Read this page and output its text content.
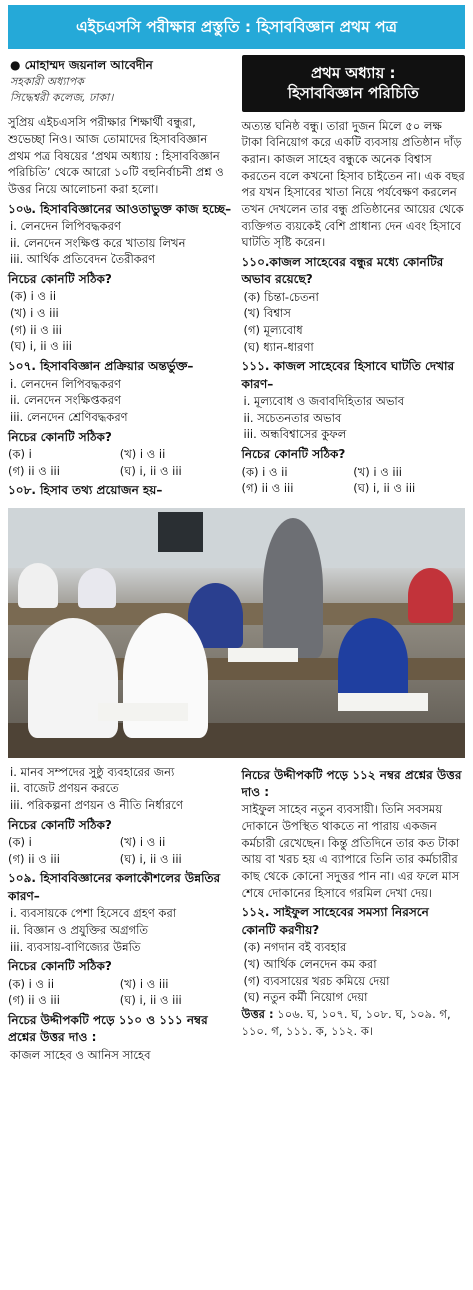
এইচএসসি পরীক্ষার প্রস্তুতি : হিসাববিজ্ঞান প্রথম পত্র
● মোহাম্মদ জয়নাল আবেদীন
সহকারী অধ্যাপক
সিদ্ধেশ্বরী কলেজ, ঢাকা।

সুপ্রিয় এইচএসসি পরীক্ষার শিক্ষার্থী বন্ধুরা, শুভেচ্ছা নিও। আজ তোমাদের হিসাববিজ্ঞান প্রথম পত্র বিষয়ের ‘প্রথম অধ্যায় : হিসাববিজ্ঞান পরিচিতি’ থেকে আরো ১০টি বহুনির্বাচনী প্রশ্ন ও উত্তর নিয়ে আলোচনা করা হলো।

১০৬. হিসাববিজ্ঞানের আওতাভুক্ত কাজ হচ্ছে–
i. লেনদেন লিপিবদ্ধকরণ
ii. লেনদেন সংক্ষিপ্ত করে খাতায় লিখন
iii. আর্থিক প্রতিবেদন তৈরীকরণ
নিচের কোনটি সঠিক?
(ক) i ও ii
(খ) i ও iii
(গ) ii ও iii
(ঘ) i, ii ও iii
১০৭. হিসাববিজ্ঞান প্রক্রিয়ার অন্তর্ভুক্ত–
i. লেনদেন লিপিবদ্ধকরণ
ii. লেনদেন সংক্ষিপ্তকরণ
iii. লেনদেন শ্রেণিবদ্ধকরণ
নিচের কোনটি সঠিক?
(ক) i	(খ) i ও ii
(গ) ii ও iii	(ঘ) i, ii ও iii
১০৮. হিসাব তথ্য প্রয়োজন হয়–
প্রথম অধ্যায় :
হিসাববিজ্ঞান পরিচিতি

অত্যন্ত ঘনিষ্ঠ বন্ধু। তারা দুজন মিলে ৫০ লক্ষ টাকা বিনিয়োগ করে একটি ব্যবসায় প্রতিষ্ঠান দাঁড় করান। কাজল সাহেব বন্ধুকে অনেক বিশ্বাস করতেন বলে কখনো হিসাব চাইতেন না। এক বছর পর যখন হিসাবের খাতা নিয়ে পর্যবেক্ষণ করলেন তখন দেখলেন তার বন্ধু প্রতিষ্ঠানের আয়ের থেকে ব্যক্তিগত ব্যয়কেই বেশি প্রাধান্য দেন এবং হিসাবে ঘাটতি সৃষ্টি করেন।

১১০.কাজল সাহেবের বন্ধুর মধ্যে কোনটির অভাব রয়েছে?
(ক) চিন্তা-চেতনা
(খ) বিশ্বাস
(গ) মূল্যবোধ
(ঘ) ধ্যান-ধারণা
১১১. কাজল সাহেবের হিসাবে ঘাটতি দেখার কারণ–
i. মূল্যবোধ ও জবাবদিহিতার অভাব
ii. সচেতনতার অভাব
iii. অন্ধবিশ্বাসের কুফল
নিচের কোনটি সঠিক?
(ক) i ও ii	(খ) i ও iii
(গ) ii ও iii	(ঘ) i, ii ও iii
i. মানব সম্পদের সুষ্ঠু ব্যবহারের জন্য
ii. বাজেট প্রণয়ন করতে
iii. পরিকল্পনা প্রণয়ন ও নীতি নির্ধারণে
নিচের কোনটি সঠিক?
(ক) i	(খ) i ও ii
(গ) ii ও iii	(ঘ) i, ii ও iii
১০৯. হিসাববিজ্ঞানের কলাকৌশলের উন্নতির কারণ–
i. ব্যবসায়কে পেশা হিসেবে গ্রহণ করা
ii. বিজ্ঞান ও প্রযুক্তির অগ্রগতি
iii. ব্যবসায়-বাণিজ্যের উন্নতি
নিচের কোনটি সঠিক?
(ক) i ও ii	(খ) i ও iii
(গ) ii ও iii	(ঘ) i, ii ও iii
নিচের উদ্দীপকটি পড়ে ১১০ ও ১১১ নম্বর প্রশ্নের উত্তর দাও :
কাজল সাহেব ও আনিস সাহেব
নিচের উদ্দীপকটি পড়ে ১১২ নম্বর প্রশ্নের উত্তর দাও :

সাইফুল সাহেব নতুন ব্যবসায়ী। তিনি সবসময় দোকানে উপস্থিত থাকতে না পারায় একজন কর্মচারী রেখেছেন। কিন্তু প্রতিদিনে তার কত টাকা আয় বা খরচ হয় এ ব্যাপারে তিনি তার কর্মচারীর কাছ থেকে কোনো সদুত্তর পান না। এর ফলে মাস শেষে দোকানের হিসাবে গরমিল দেখা দেয়।

১১২. সাইফুল সাহেবের সমস্যা নিরসনে কোনটি করণীয়?
(ক) নগদান বই ব্যবহার
(খ) আর্থিক লেনদেন কম করা
(গ) ব্যবসায়ের খরচ কমিয়ে দেয়া
(ঘ) নতুন কর্মী নিয়োগ দেয়া
উত্তর : ১০৬. ঘ, ১০৭. ঘ, ১০৮. ঘ, ১০৯. গ, ১১০. গ, ১১১. ক, ১১২. ক।
